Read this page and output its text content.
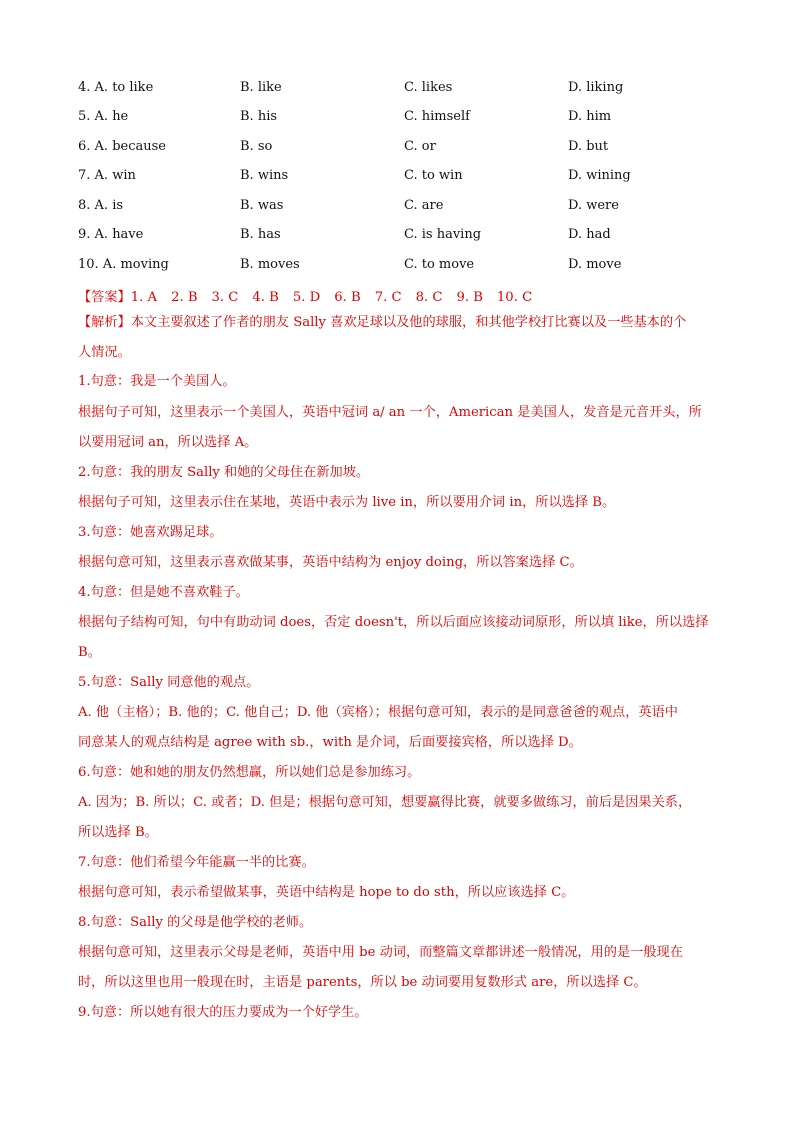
4. A. to like	B. like	C. likes	D. liking
5. A. he	B. his	C. himself	D. him
6. A. because	B. so	C. or	D. but
7. A. win	B. wins	C. to win	D. wining
8. A. is	B. was	C. are	D. were
9. A. have	B. has	C. is having	D. had
10. A. moving	B. moves	C. to move	D. move
【答案】1. A 2. B 3. C 4. B 5. D 6. B 7. C 8. C 9. B 10. C
【解析】本文主要叙述了作者的朋友 Sally 喜欢足球以及他的球服，和其他学校打比赛以及一些基本的个
人情况。
1.句意：我是一个美国人。
根据句子可知，这里表示一个美国人，英语中冠词 a/ an 一个，American 是美国人，发音是元音开头，所
以要用冠词 an，所以选择 A。
2.句意：我的朋友 Sally 和她的父母住在新加坡。
根据句子可知，这里表示住在某地，英语中表示为 live in，所以要用介词 in，所以选择 B。
3.句意：她喜欢踢足球。
根据句意可知，这里表示喜欢做某事，英语中结构为 enjoy doing，所以答案选择 C。
4.句意：但是她不喜欢鞋子。
根据句子结构可知，句中有助动词 does，否定 doesn't，所以后面应该接动词原形，所以填 like，所以选择
B。
5.句意：Sally 同意他的观点。
A. 他（主格）；B. 他的；C. 他自己；D. 他（宾格）；根据句意可知，表示的是同意爸爸的观点，英语中
同意某人的观点结构是 agree with sb.，with 是介词，后面要接宾格，所以选择 D。
6.句意：她和她的朋友仍然想赢，所以她们总是参加练习。
A. 因为；B. 所以；C. 或者；D. 但是；根据句意可知，想要赢得比赛，就要多做练习，前后是因果关系，
所以选择 B。
7.句意：他们希望今年能赢一半的比赛。
根据句意可知，表示希望做某事，英语中结构是 hope to do sth，所以应该选择 C。
8.句意：Sally 的父母是他学校的老师。
根据句意可知，这里表示父母是老师，英语中用 be 动词，而整篇文章都讲述一般情况，用的是一般现在
时，所以这里也用一般现在时，主语是 parents，所以 be 动词要用复数形式 are，所以选择 C。
9.句意：所以她有很大的压力要成为一个好学生。
